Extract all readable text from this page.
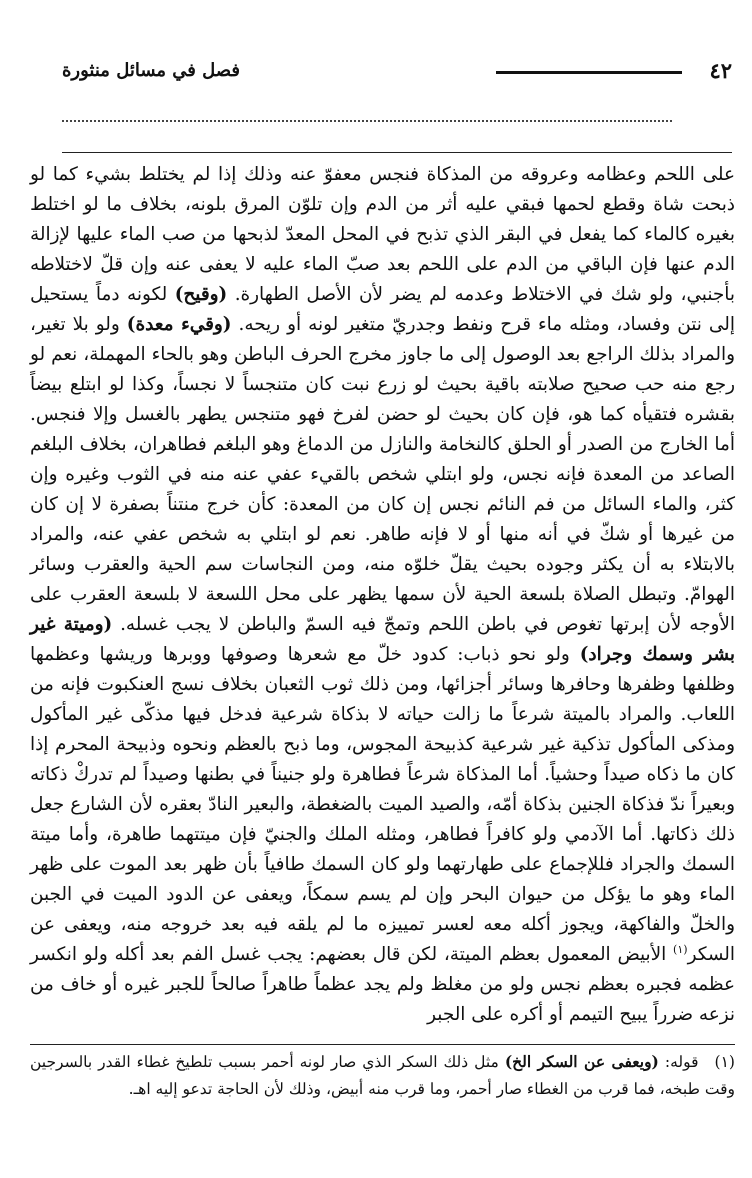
٤٢
فصل في مسائل منثورة

على اللحم وعظامه وعروقه من المذكاة فنجس معفوّ عنه وذلك إذا لم يختلط بشيء كما لو ذبحت شاة وقطع لحمها فبقي عليه أثر من الدم وإن تلوّن المرق بلونه، بخلاف ما لو اختلط بغيره كالماء كما يفعل في البقر الذي تذبح في المحل المعدّ لذبحها من صب الماء عليها لإزالة الدم عنها فإن الباقي من الدم على اللحم بعد صبّ الماء عليه لا يعفى عنه وإن قلّ لاختلاطه بأجنبي، ولو شك في الاختلاط وعدمه لم يضر لأن الأصل الطهارة. (وقيح) لكونه دماً يستحيل إلى نتن وفساد، ومثله ماء قرح ونفط وجدريّ متغير لونه أو ريحه. (وقيء معدة) ولو بلا تغير، والمراد بذلك الراجع بعد الوصول إلى ما جاوز مخرج الحرف الباطن وهو بالحاء المهملة، نعم لو رجع منه حب صحيح صلابته باقية بحيث لو زرع نبت كان متنجساً لا نجساً، وكذا لو ابتلع بيضاً بقشره فتقيأه كما هو، فإن كان بحيث لو حضن لفرخ فهو متنجس يطهر بالغسل وإلا فنجس. أما الخارج من الصدر أو الحلق كالنخامة والنازل من الدماغ وهو البلغم فطاهران، بخلاف البلغم الصاعد من المعدة فإنه نجس، ولو ابتلي شخص بالقيء عفي عنه منه في الثوب وغيره وإن كثر، والماء السائل من فم النائم نجس إن كان من المعدة: كأن خرج منتناً بصفرة لا إن كان من غيرها أو شكّ في أنه منها أو لا فإنه طاهر. نعم لو ابتلي به شخص عفي عنه، والمراد بالابتلاء به أن يكثر وجوده بحيث يقلّ خلوّه منه، ومن النجاسات سم الحية والعقرب وسائر الهوامّ. وتبطل الصلاة بلسعة الحية لأن سمها يظهر على محل اللسعة لا بلسعة العقرب على الأوجه لأن إبرتها تغوص في باطن اللحم وتمجّ فيه السمّ والباطن لا يجب غسله. (وميتة غير بشر وسمك وجراد) ولو نحو ذباب: كدود خلّ مع شعرها وصوفها ووبرها وريشها وعظمها وظلفها وظفرها وحافرها وسائر أجزائها، ومن ذلك ثوب الثعبان بخلاف نسج العنكبوت فإنه من اللعاب. والمراد بالميتة شرعاً ما زالت حياته لا بذكاة شرعية فدخل فيها مذكّى غير المأكول ومذكى المأكول تذكية غير شرعية كذبيحة المجوس، وما ذبح بالعظم ونحوه وذبيحة المحرم إذا كان ما ذكاه صيداً وحشياً. أما المذكاة شرعاً فطاهرة ولو جنيناً في بطنها وصيداً لم تدركْ ذكاته وبعيراً ندّ فذكاة الجنين بذكاة أمّه، والصيد الميت بالضغطة، والبعير النادّ بعقره لأن الشارع جعل ذلك ذكاتها. أما الآدمي ولو كافراً فطاهر، ومثله الملك والجنيّ فإن ميتتهما طاهرة، وأما ميتة السمك والجراد فللإجماع على طهارتهما ولو كان السمك طافياً بأن ظهر بعد الموت على ظهر الماء وهو ما يؤكل من حيوان البحر وإن لم يسم سمكاً، ويعفى عن الدود الميت في الجبن والخلّ والفاكهة، ويجوز أكله معه لعسر تمييزه ما لم يلقه فيه بعد خروجه منه، ويعفى عن السكر$^{(١)}$ الأبيض المعمول بعظم الميتة، لكن قال بعضهم: يجب غسل الفم بعد أكله ولو انكسر عظمه فجبره بعظم نجس ولو من مغلظ ولم يجد عظماً طاهراً صالحاً للجبر غيره أو خاف من نزعه ضرراً يبيح التيمم أو أكره على الجبر

(١) قوله: (ويعفى عن السكر الخ) مثل ذلك السكر الذي صار لونه أحمر بسبب تلطيخ غطاء القدر بالسرجين وقت طبخه، فما قرب من الغطاء صار أحمر، وما قرب منه أبيض، وذلك لأن الحاجة تدعو إليه اهـ.
